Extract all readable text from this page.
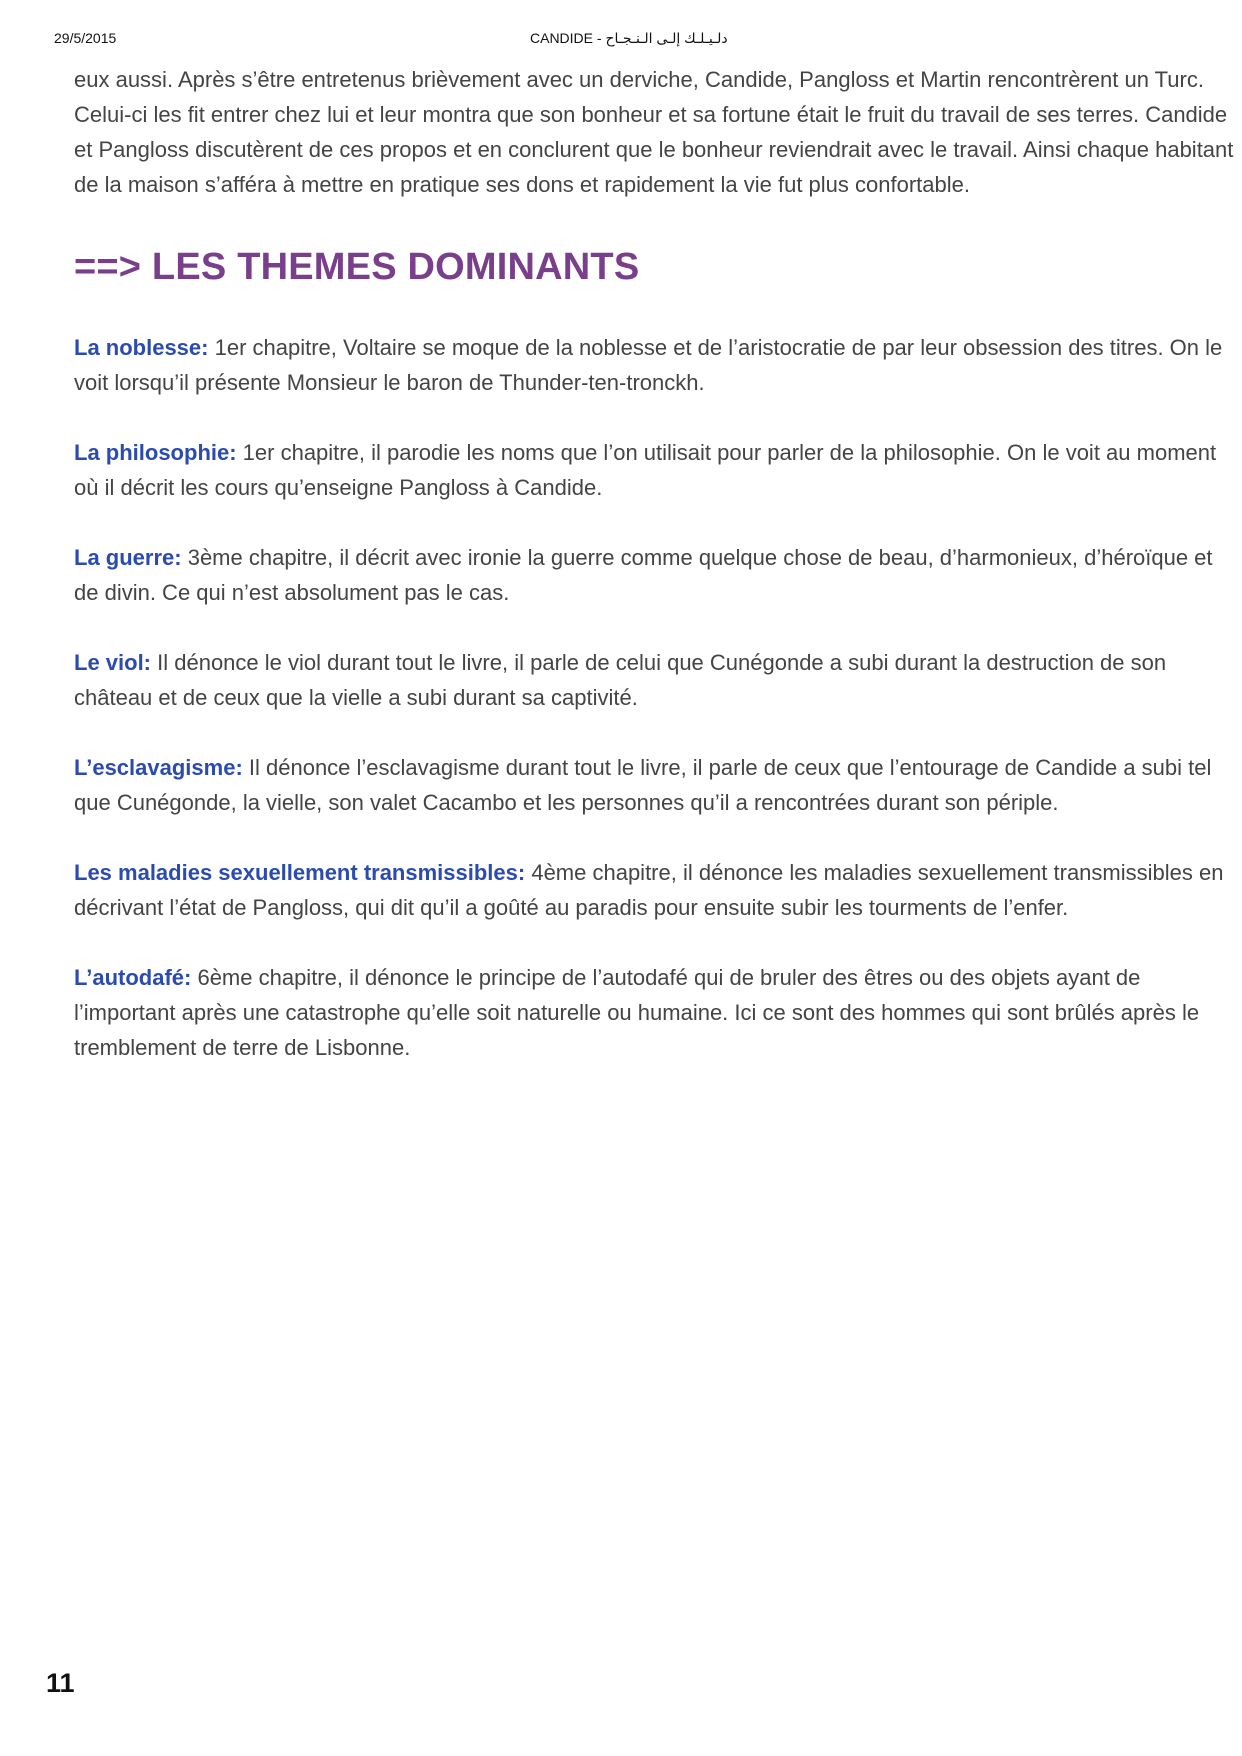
29/5/2015	CANDIDE - دلـيـلـك إلـى الـنـجـاح

eux aussi. Après s’être entretenus brièvement avec un derviche, Candide, Pangloss et Martin rencontrèrent un Turc. Celui-ci les fit entrer chez lui et leur montra que son bonheur et sa fortune était le fruit du travail de ses terres. Candide et Pangloss discutèrent de ces propos et en conclurent que le bonheur reviendrait avec le travail. Ainsi chaque habitant de la maison s’afféra à mettre en pratique ses dons et rapidement la vie fut plus confortable.

==> LES THEMES DOMINANTS

La noblesse: 1er chapitre, Voltaire se moque de la noblesse et de l’aristocratie de par leur obsession des titres. On le voit lorsqu’il présente Monsieur le baron de Thunder-ten-tronckh.

La philosophie: 1er chapitre, il parodie les noms que l’on utilisait pour parler de la philosophie. On le voit au moment où il décrit les cours qu’enseigne Pangloss à Candide.

La guerre: 3ème chapitre, il décrit avec ironie la guerre comme quelque chose de beau, d’harmonieux, d’héroïque et de divin. Ce qui n’est absolument pas le cas.

Le viol: Il dénonce le viol durant tout le livre, il parle de celui que Cunégonde a subi durant la destruction de son château et de ceux que la vielle a subi durant sa captivité.

L’esclavagisme: Il dénonce l’esclavagisme durant tout le livre, il parle de ceux que l’entourage de Candide a subi tel que Cunégonde, la vielle, son valet Cacambo et les personnes qu’il a rencontrées durant son périple.

Les maladies sexuellement transmissibles: 4ème chapitre, il dénonce les maladies sexuellement transmissibles en décrivant l’état de Pangloss, qui dit qu’il a goûté au paradis pour ensuite subir les tourments de l’enfer.

L’autodafé: 6ème chapitre, il dénonce le principe de l’autodafé qui de bruler des êtres ou des objets ayant de l’important après une catastrophe qu’elle soit naturelle ou humaine. Ici ce sont des hommes qui sont brûlés après le tremblement de terre de Lisbonne.

11
